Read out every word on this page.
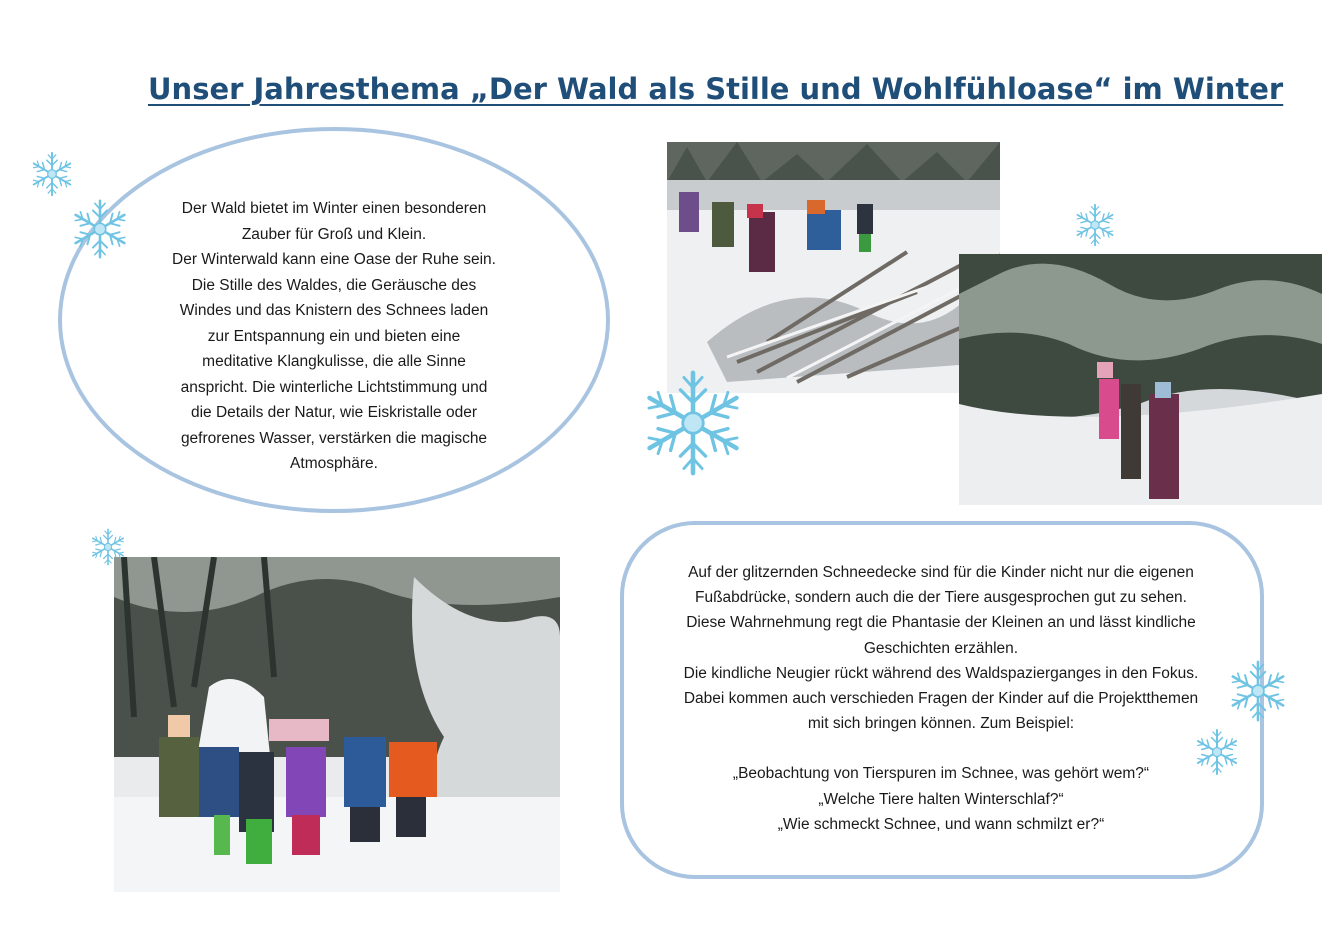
Unser Jahresthema „Der Wald als Stille und Wohlfühloase“ im Winter
Der Wald bietet im Winter einen besonderen
Zauber für Groß und Klein.
Der Winterwald kann eine Oase der Ruhe sein.
Die Stille des Waldes, die Geräusche des
Windes und das Knistern des Schnees laden
zur Entspannung ein und bieten eine
meditative Klangkulisse, die alle Sinne
anspricht. Die winterliche Lichtstimmung und
die Details der Natur, wie Eiskristalle oder
gefrorenes Wasser, verstärken die magische
Atmosphäre.

Auf der glitzernden Schneedecke sind für die Kinder nicht nur die eigenen

Fußabdrücke, sondern auch die der Tiere ausgesprochen gut zu sehen.

Diese Wahrnehmung regt die Phantasie der Kleinen an und lässt kindliche

Geschichten erzählen.

Die kindliche Neugier rückt während des Waldspazierganges in den Fokus.

Dabei kommen auch verschieden Fragen der Kinder auf die Projektthemen

mit sich bringen können. Zum Beispiel:

„Beobachtung von Tierspuren im Schnee, was gehört wem?“

„Welche Tiere halten Winterschlaf?“

„Wie schmeckt Schnee, und wann schmilzt er?“
